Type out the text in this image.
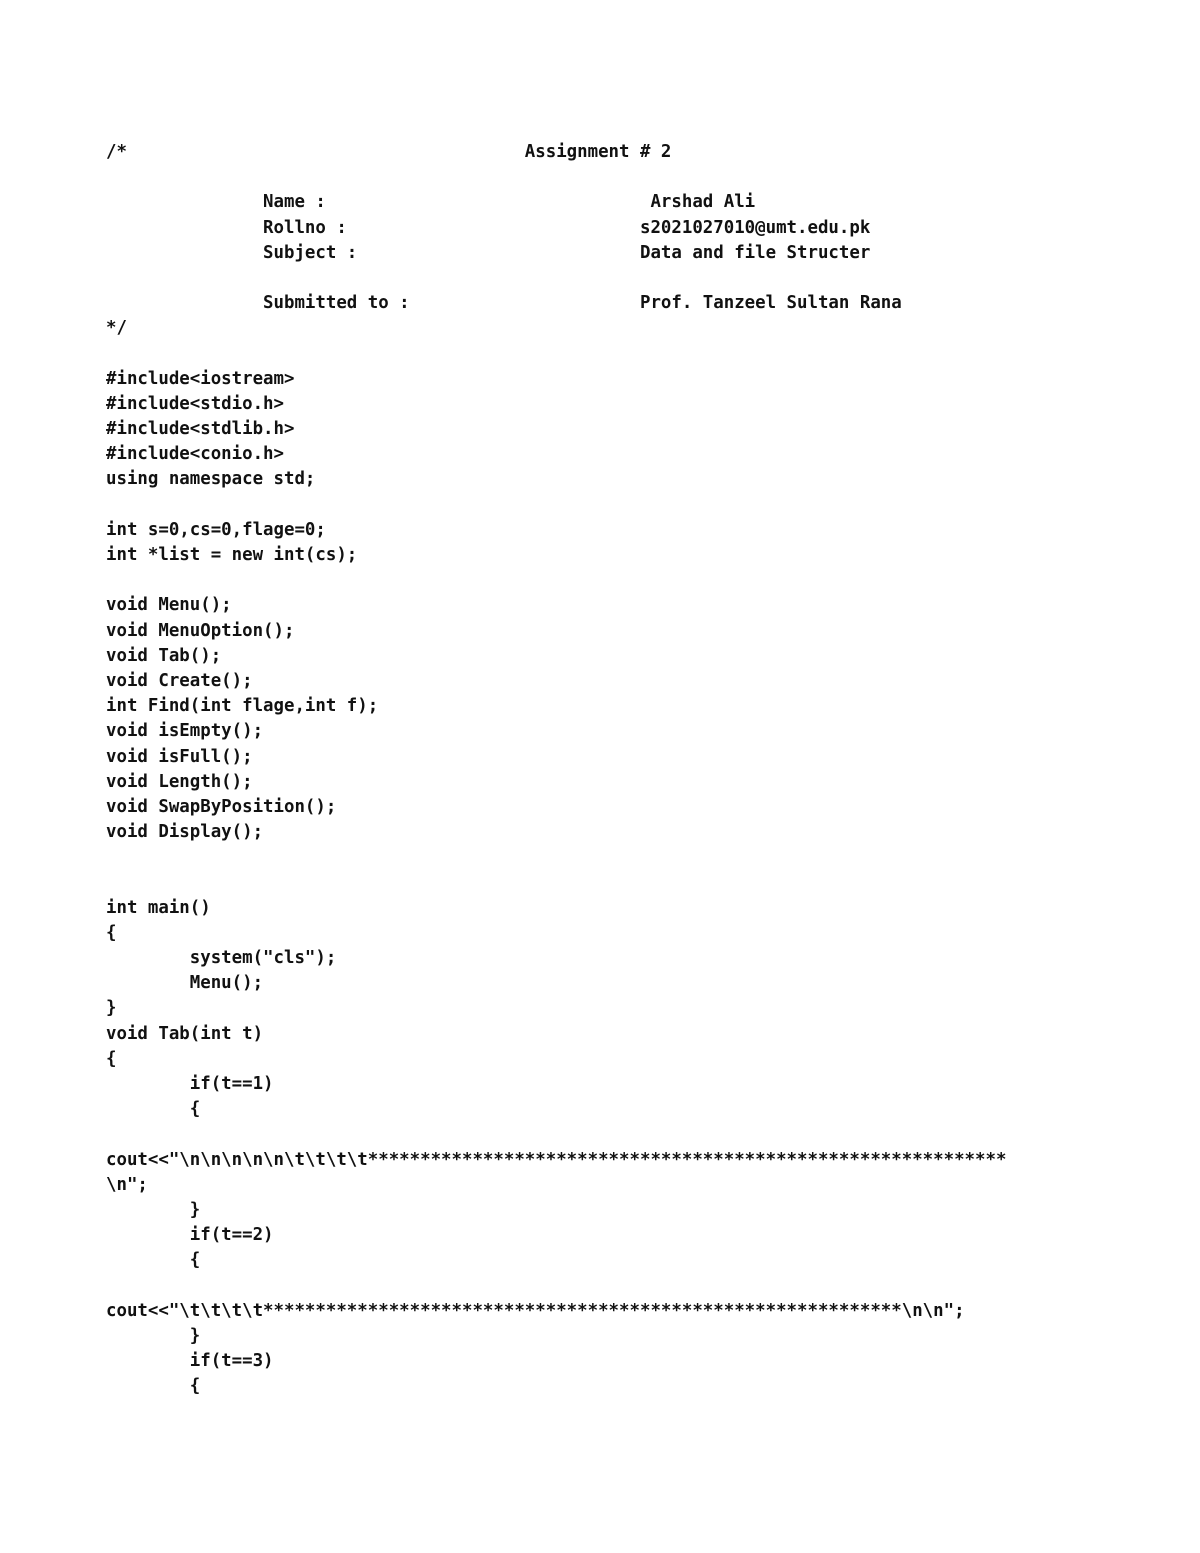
/*                                      Assignment # 2
Name :                               Arshad Ali
Rollno :                            s2021027010@umt.edu.pk
Subject :                           Data and file Structer
Submitted to :                      Prof. Tanzeel Sultan Rana
*/
#include<iostream>
#include<stdio.h>
#include<stdlib.h>
#include<conio.h>
using namespace std;
int s=0,cs=0,flage=0;
int *list = new int(cs);
void Menu();
void MenuOption();
void Tab();
void Create();
int Find(int flage,int f);
void isEmpty();
void isFull();
void Length();
void SwapByPosition();
void Display();
int main()
{
system("cls");
Menu();
}
void Tab(int t)
{
if(t==1)
{
cout<<"\n\n\n\n\n\t\t\t\t*************************************************************
\n";
}
if(t==2)
{
cout<<"\t\t\t\t*************************************************************\n\n";
}
if(t==3)
{
